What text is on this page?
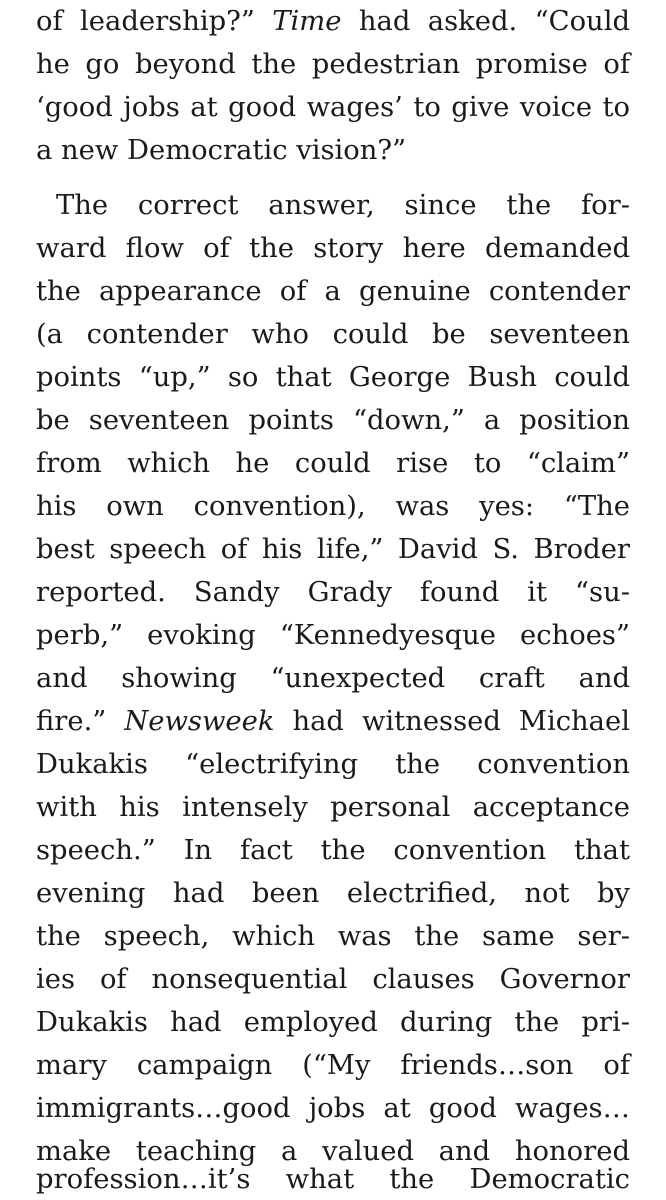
of leadership?” Time had asked. “Could

he go beyond the pedestrian promise of

‘good jobs at good wages’ to give voice to

a new Democratic vision?”

The correct answer, since the for-

ward flow of the story here demanded

the appearance of a genuine contender

(a contender who could be seventeen

points “up,” so that George Bush could

be seventeen points “down,” a position

from which he could rise to “claim”

his own convention), was yes: “The

best speech of his life,” David S. Broder

reported. Sandy Grady found it “su-

perb,” evoking “Kennedyesque echoes”

and showing “unexpected craft and

fire.” Newsweek had witnessed Michael

Dukakis “electrifying the convention

with his intensely personal acceptance

speech.” In fact the convention that

evening had been electrified, not by

the speech, which was the same ser-

ies of nonsequential clauses Governor

Dukakis had employed during the pri-

mary campaign (“My friends…son of

immigrants…good jobs at good wages…

make teaching a valued and honored

profession…it’s what the Democratic
